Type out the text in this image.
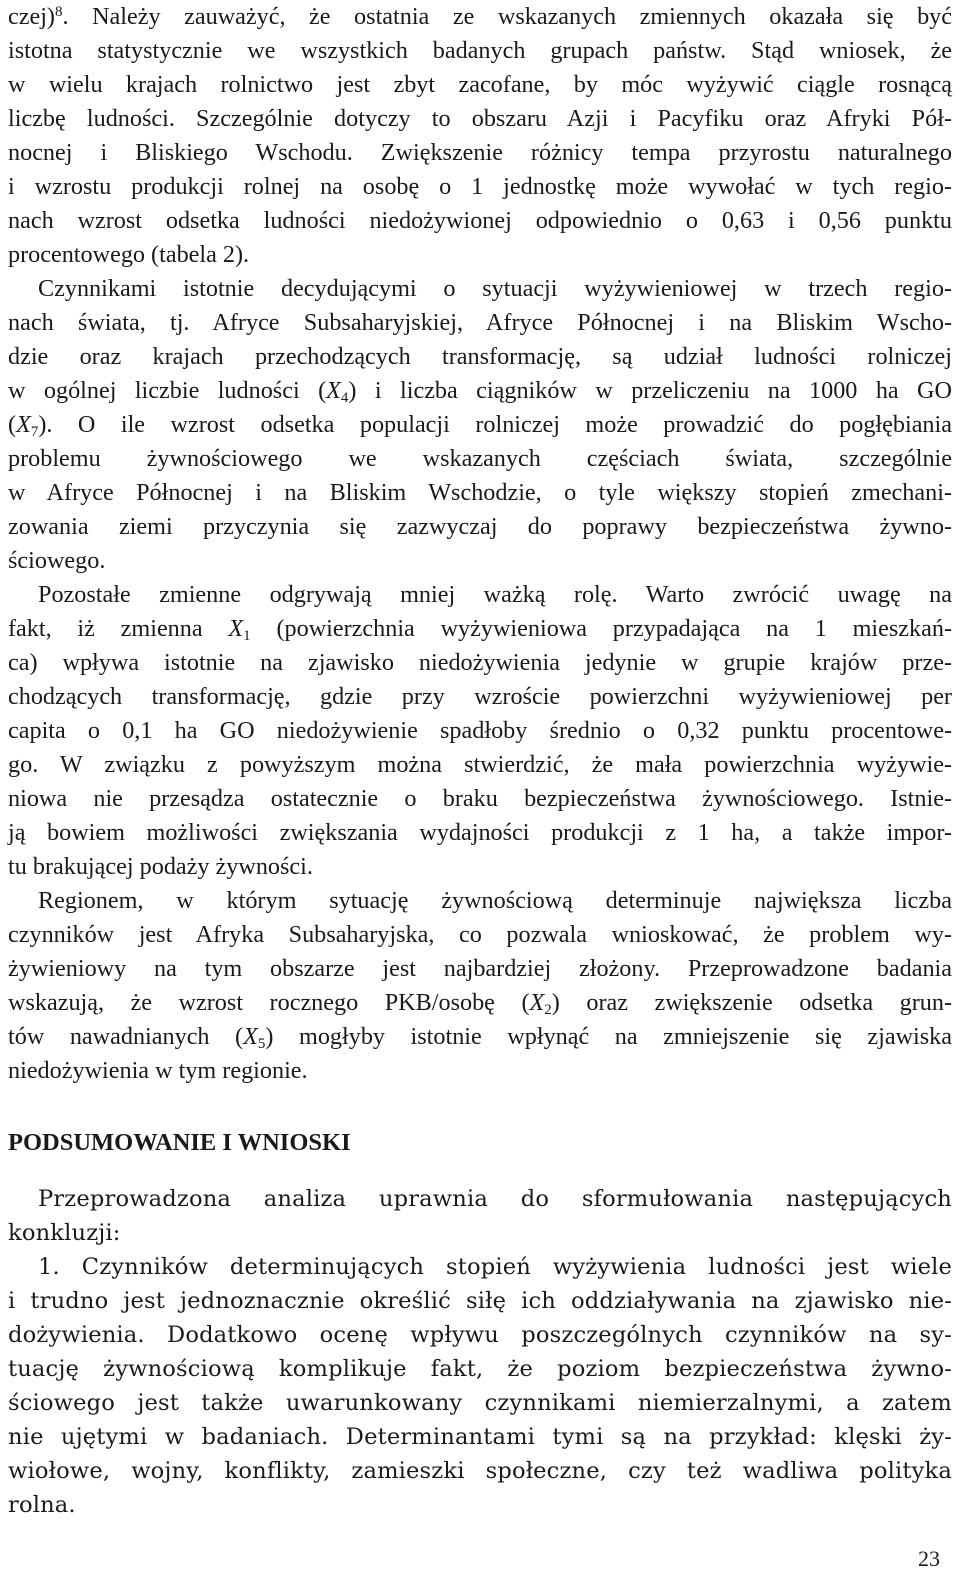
czej)$^8$. Należy zauważyć, że ostatnia ze wskazanych zmiennych okazała się być
istotna statystycznie we wszystkich badanych grupach państw. Stąd wniosek, że
w wielu krajach rolnictwo jest zbyt zacofane, by móc wyżywić ciągle rosnącą
liczbę ludności. Szczególnie dotyczy to obszaru Azji i Pacyfiku oraz Afryki Pół-
nocnej i Bliskiego Wschodu. Zwiększenie różnicy tempa przyrostu naturalnego
i wzrostu produkcji rolnej na osobę o 1 jednostkę może wywołać w tych regio-
nach wzrost odsetka ludności niedożywionej odpowiednio o 0,63 i 0,56 punktu
procentowego (tabela 2).
Czynnikami istotnie decydującymi o sytuacji wyżywieniowej w trzech regio-
nach świata, tj. Afryce Subsaharyjskiej, Afryce Północnej i na Bliskim Wscho-
dzie oraz krajach przechodzących transformację, są udział ludności rolniczej
w ogólnej liczbie ludności $(X_4)$ i liczba ciągników w przeliczeniu na 1000 ha GO
$(X_7)$. O ile wzrost odsetka populacji rolniczej może prowadzić do pogłębiania
problemu żywnościowego we wskazanych częściach świata, szczególnie
w Afryce Północnej i na Bliskim Wschodzie, o tyle większy stopień zmechani-
zowania ziemi przyczynia się zazwyczaj do poprawy bezpieczeństwa żywno-
ściowego.
Pozostałe zmienne odgrywają mniej ważką rolę. Warto zwrócić uwagę na
fakt, iż zmienna $X_1$ (powierzchnia wyżywieniowa przypadająca na 1 mieszkań-
ca) wpływa istotnie na zjawisko niedożywienia jedynie w grupie krajów prze-
chodzących transformację, gdzie przy wzroście powierzchni wyżywieniowej per
capita o 0,1 ha GO niedożywienie spadłoby średnio o 0,32 punktu procentowe-
go. W związku z powyższym można stwierdzić, że mała powierzchnia wyżywie-
niowa nie przesądza ostatecznie o braku bezpieczeństwa żywnościowego. Istnie-
ją bowiem możliwości zwiększania wydajności produkcji z 1 ha, a także impor-
tu brakującej podaży żywności.
Regionem, w którym sytuację żywnościową determinuje największa liczba
czynników jest Afryka Subsaharyjska, co pozwala wnioskować, że problem wy-
żywieniowy na tym obszarze jest najbardziej złożony. Przeprowadzone badania
wskazują, że wzrost rocznego PKB/osobę $(X_2)$ oraz zwiększenie odsetka grun-
tów nawadnianych $(X_5)$ mogłyby istotnie wpłynąć na zmniejszenie się zjawiska
niedożywienia w tym regionie.
PODSUMOWANIE I WNIOSKI
Przeprowadzona analiza uprawnia do sformułowania następujących
konkluzji:
1. Czynników determinujących stopień wyżywienia ludności jest wiele
i trudno jest jednoznacznie określić siłę ich oddziaływania na zjawisko nie-
dożywienia. Dodatkowo ocenę wpływu poszczególnych czynników na sy-
tuację żywnościową komplikuje fakt, że poziom bezpieczeństwa żywno-
ściowego jest także uwarunkowany czynnikami niemierzalnymi, a zatem
nie ujętymi w badaniach. Determinantami tymi są na przykład: klęski ży-
wiołowe, wojny, konflikty, zamieszki społeczne, czy też wadliwa polityka
rolna.
23
